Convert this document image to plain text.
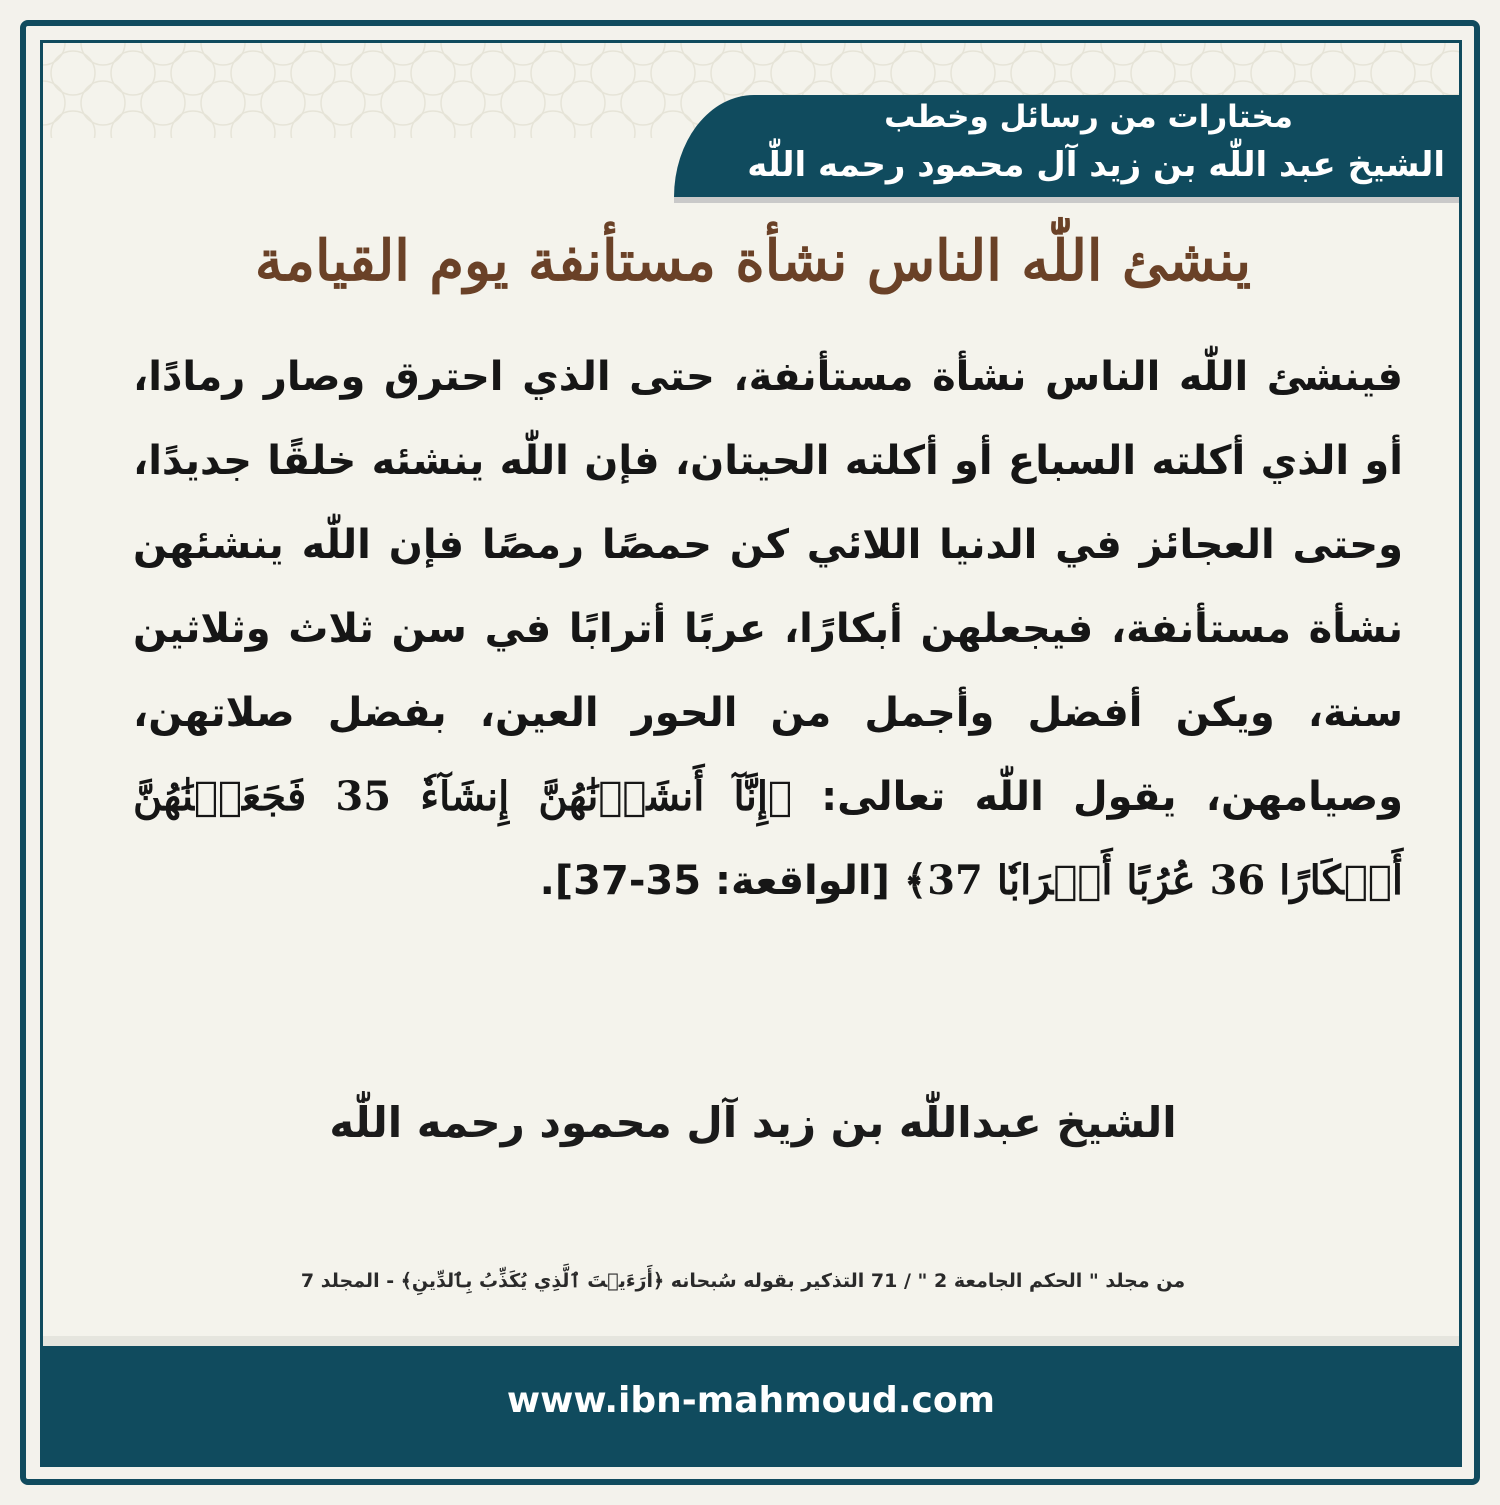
مختارات من رسائل وخطب
الشيخ عبد اللّٰه بن زيد آل محمود رحمه اللّٰه
ينشئ اللّٰه الناس نشأة مستأنفة يوم القيامة
فينشئ اللّٰه الناس نشأة مستأنفة، حتى الذي احترق وصار رمادًا، أو الذي أكلته السباع أو أكلته الحيتان، فإن اللّٰه ينشئه خلقًا جديدًا، وحتى العجائز في الدنيا اللائي كن حمصًا رمصًا فإن اللّٰه ينشئهن نشأة مستأنفة، فيجعلهن أبكارًا، عربًا أترابًا في سن ثلاث وثلاثين سنة، ويكن أفضل وأجمل من الحور العين، بفضل صلاتهن، وصيامهن، يقول اللّٰه تعالى: ﴿إِنَّآ أَنشَأۡنَٰهُنَّ إِنشَآءٗ 35 فَجَعَلۡنَٰهُنَّ أَبۡكَارًا 36 عُرُبًا أَتۡرَابٗا 37﴾ [الواقعة: 35-37].
الشيخ عبداللّٰه بن زيد آل محمود رحمه اللّٰه
من مجلد " الحكم الجامعة 2 " / 71 التذكير بقوله سُبحانه ﴿أَرَءَيۡتَ ٱلَّذِي يُكَذِّبُ بِٱلدِّينِ﴾ - المجلد 7
www.ibn-mahmoud.com
